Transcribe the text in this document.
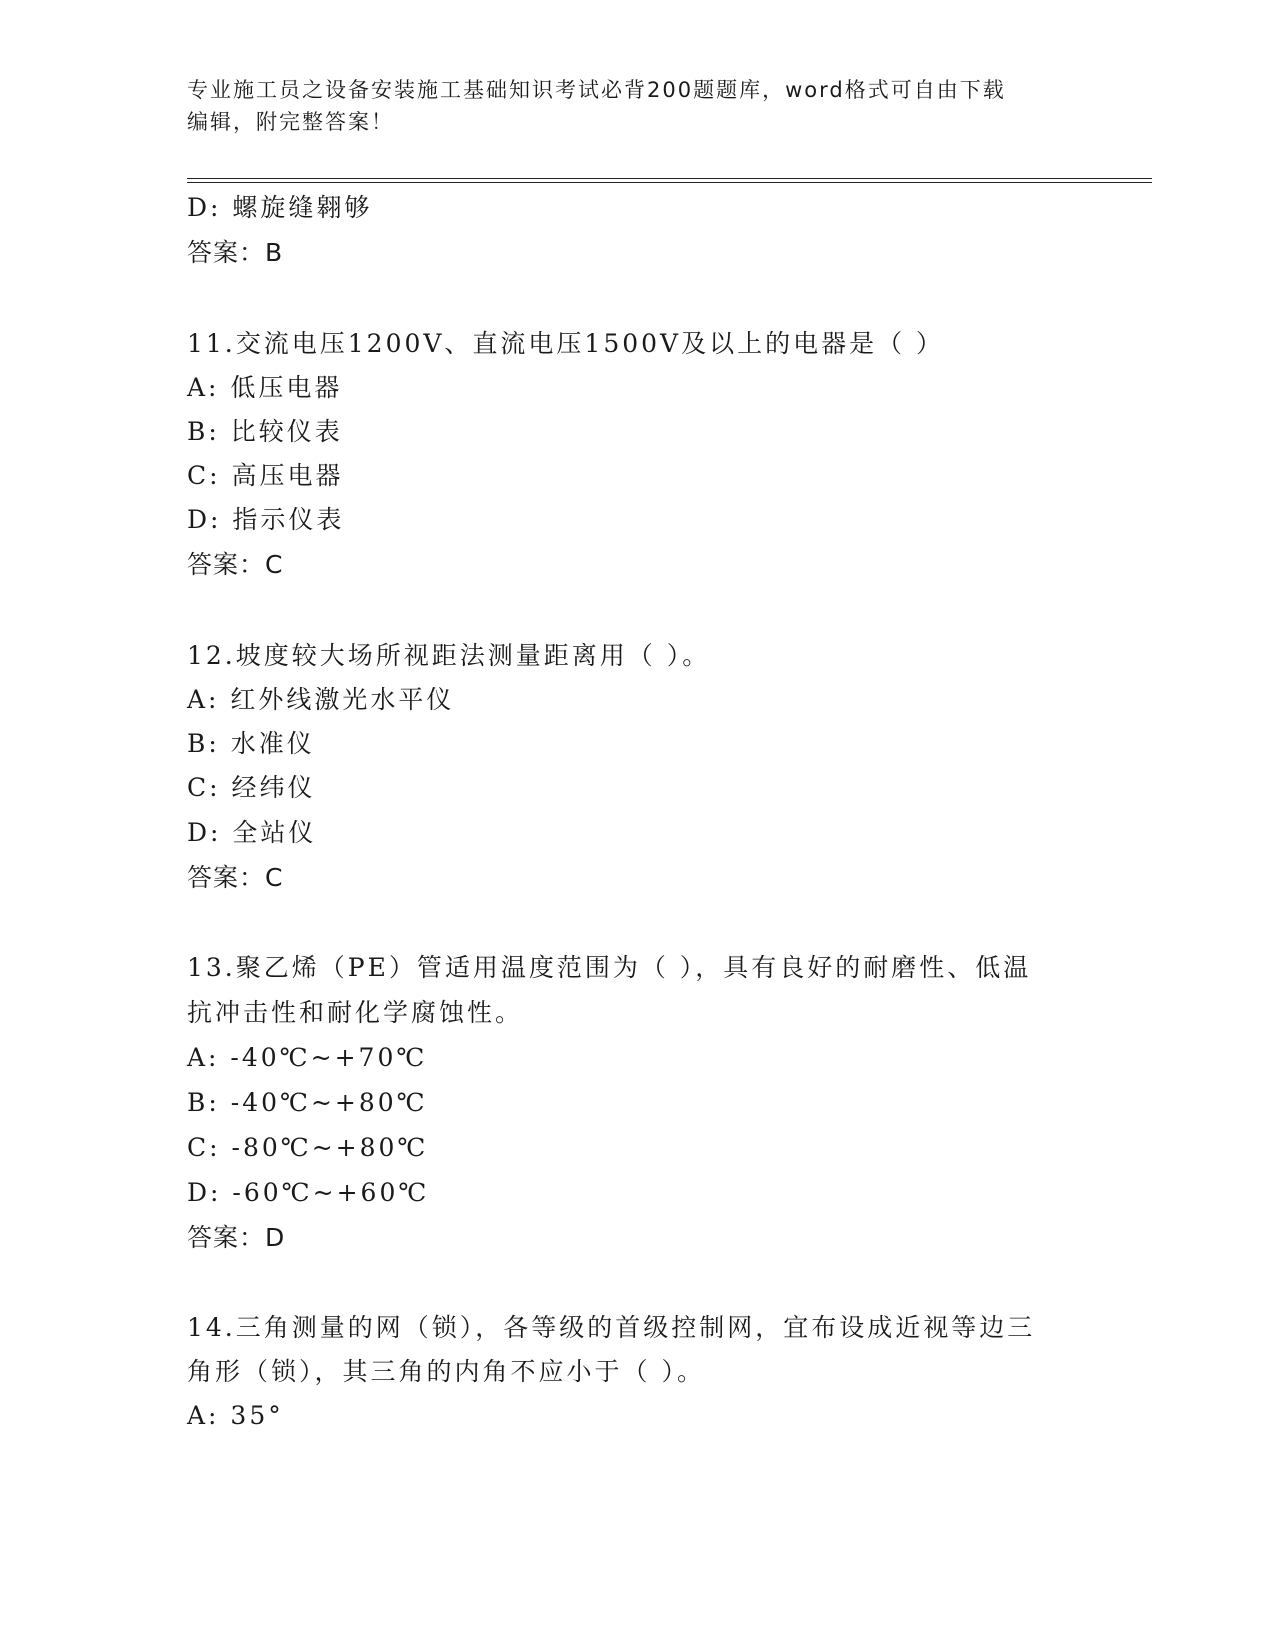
专业施工员之设备安装施工基础知识考试必背200题题库，word格式可自由下载
编辑，附完整答案！
D: 螺旋缝翱够
答案：B
11.交流电压1200V、直流电压1500V及以上的电器是（ ）
A: 低压电器
B: 比较仪表
C: 高压电器
D: 指示仪表
答案：C
12.坡度较大场所视距法测量距离用（ ）。
A: 红外线激光水平仪
B: 水准仪
C: 经纬仪
D: 全站仪
答案：C
13.聚乙烯（PE）管适用温度范围为（ ），具有良好的耐磨性、低温
抗冲击性和耐化学腐蚀性。
A: -40℃~+70℃
B: -40℃~+80℃
C: -80℃~+80℃
D: -60℃~+60℃
答案：D
14.三角测量的网（锁），各等级的首级控制网，宜布设成近视等边三
角形（锁），其三角的内角不应小于（ ）。
A: 35°
